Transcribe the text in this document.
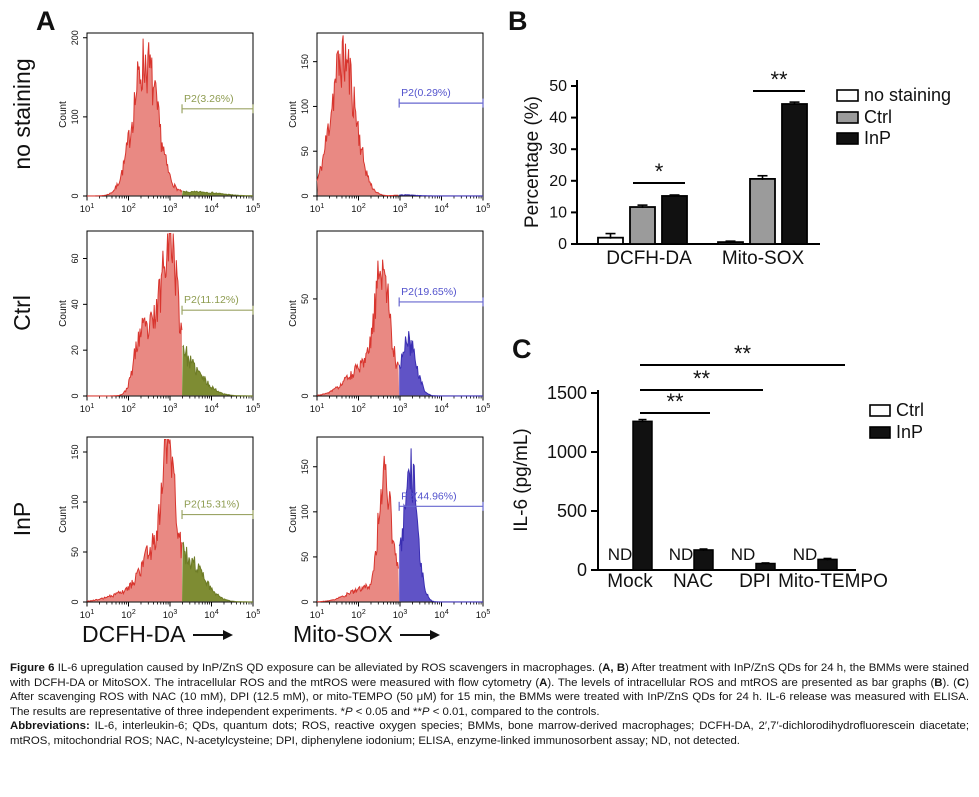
A	B
C
no staining
Ctrl
InP
0
100
200
Count
$10^1$	$10^2$	$10^3$	$10^4$	$10^5$
P2(3.26%)
0
50
100
150
Count
$10^1$	$10^2$	$10^3$	$10^4$	$10^5$
P2(0.29%)
0
20
40
60
Count
$10^1$	$10^2$	$10^3$	$10^4$	$10^5$
P2(11.12%)
0
50
Count
$10^1$	$10^2$	$10^3$	$10^4$	$10^5$
P2(19.65%)
0
50
100
150
Count
$10^1$	$10^2$	$10^3$	$10^4$	$10^5$
P2(15.31%)
0
50
100
150
Count
$10^1$	$10^2$	$10^3$	$10^4$	$10^5$
P2(44.96%)
0
10
20
30
40
50
Percentage (%)
DCFH-DA Mito-SOX
*
**
no staining
Ctrl
InP
0
500
1000
1500
IL-6 (pg/mL)
ND ND ND ND
Mock NAC DPI Mito-TEMPO
**
**
**
Ctrl
InP
DCFH-DA	Mito-SOX

Figure 6 IL-6 upregulation caused by InP/ZnS QD exposure can be alleviated by ROS scavengers in macrophages. (A, B) After treatment with InP/ZnS QDs for 24 h, the BMMs were stained with DCFH-DA or MitoSOX. The intracellular ROS and the mtROS were measured with flow cytometry (A). The levels of intracellular ROS and mtROS are presented as bar graphs (B). (C) After scavenging ROS with NAC (10 mM), DPI (12.5 mM), or mito-TEMPO (50 μM) for 15 min, the BMMs were treated with InP/ZnS QDs for 24 h. IL-6 release was measured with ELISA. The results are representative of three independent experiments. *P < 0.05 and **P < 0.01, compared to the controls.

Abbreviations: IL-6, interleukin-6; QDs, quantum dots; ROS, reactive oxygen species; BMMs, bone marrow-derived macrophages; DCFH-DA, 2′,7′-dichlorodihydrofluorescein diacetate; mtROS, mitochondrial ROS; NAC, N-acetylcysteine; DPI, diphenylene iodonium; ELISA, enzyme-linked immunosorbent assay; ND, not detected.
